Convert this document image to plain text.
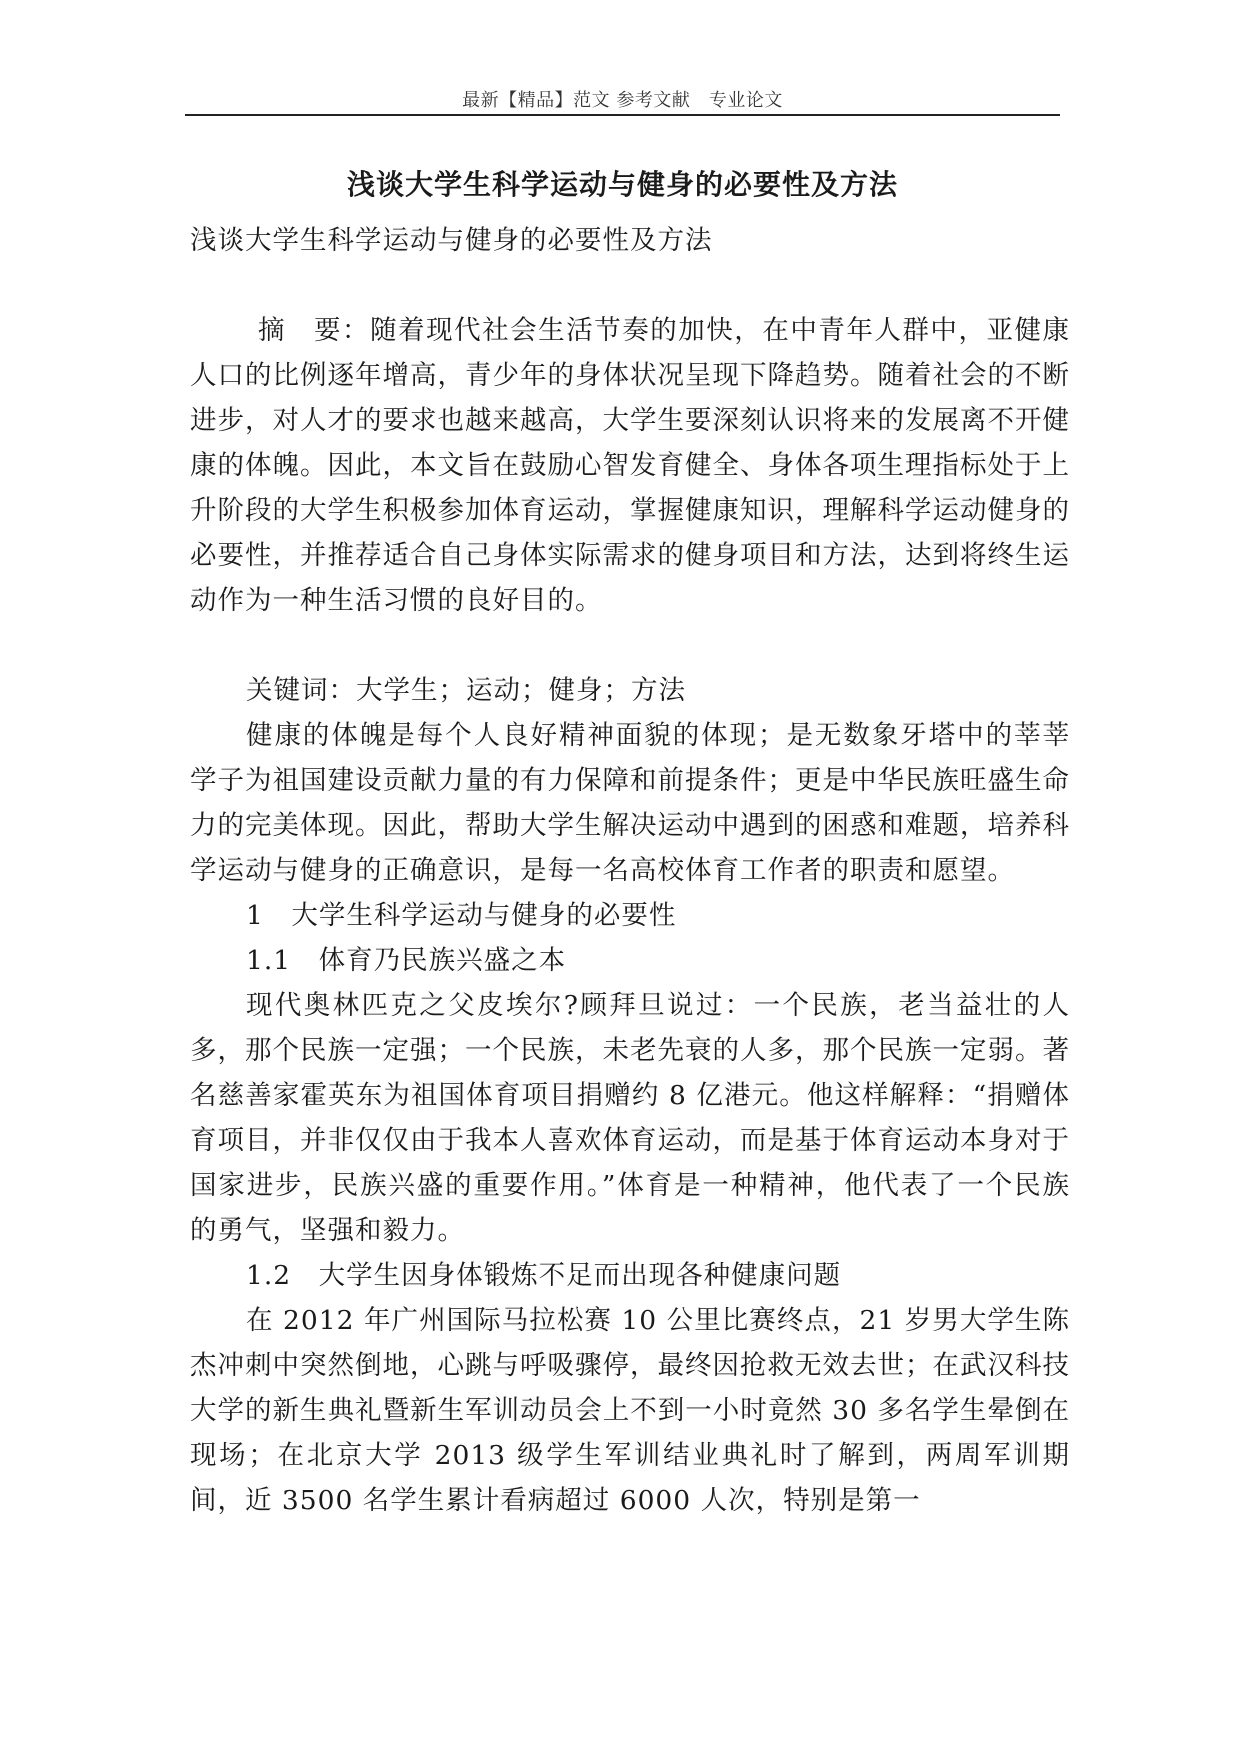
最新【精品】范文 参考文献　专业论文
浅谈大学生科学运动与健身的必要性及方法

浅谈大学生科学运动与健身的必要性及方法

摘　要：随着现代社会生活节奏的加快，在中青年人群中，亚健康人口的比例逐年增高，青少年的身体状况呈现下降趋势。随着社会的不断进步，对人才的要求也越来越高，大学生要深刻认识将来的发展离不开健康的体魄。因此，本文旨在鼓励心智发育健全、身体各项生理指标处于上升阶段的大学生积极参加体育运动，掌握健康知识，理解科学运动健身的必要性，并推荐适合自己身体实际需求的健身项目和方法，达到将终生运动作为一种生活习惯的良好目的。

关键词：大学生；运动；健身；方法

健康的体魄是每个人良好精神面貌的体现；是无数象牙塔中的莘莘学子为祖国建设贡献力量的有力保障和前提条件；更是中华民族旺盛生命力的完美体现。因此，帮助大学生解决运动中遇到的困惑和难题，培养科学运动与健身的正确意识，是每一名高校体育工作者的职责和愿望。

1　大学生科学运动与健身的必要性

1.1　体育乃民族兴盛之本

现代奥林匹克之父皮埃尔?顾拜旦说过：一个民族，老当益壮的人多，那个民族一定强；一个民族，未老先衰的人多，那个民族一定弱。著名慈善家霍英东为祖国体育项目捐赠约 8 亿港元。他这样解释：“捐赠体育项目，并非仅仅由于我本人喜欢体育运动，而是基于体育运动本身对于国家进步，民族兴盛的重要作用。”体育是一种精神，他代表了一个民族的勇气，坚强和毅力。

1.2　大学生因身体锻炼不足而出现各种健康问题

在 2012 年广州国际马拉松赛 10 公里比赛终点，21 岁男大学生陈杰冲刺中突然倒地，心跳与呼吸骤停，最终因抢救无效去世；在武汉科技大学的新生典礼暨新生军训动员会上不到一小时竟然 30 多名学生晕倒在现场；在北京大学 2013 级学生军训结业典礼时了解到，两周军训期间，近 3500 名学生累计看病超过 6000 人次，特别是第一
